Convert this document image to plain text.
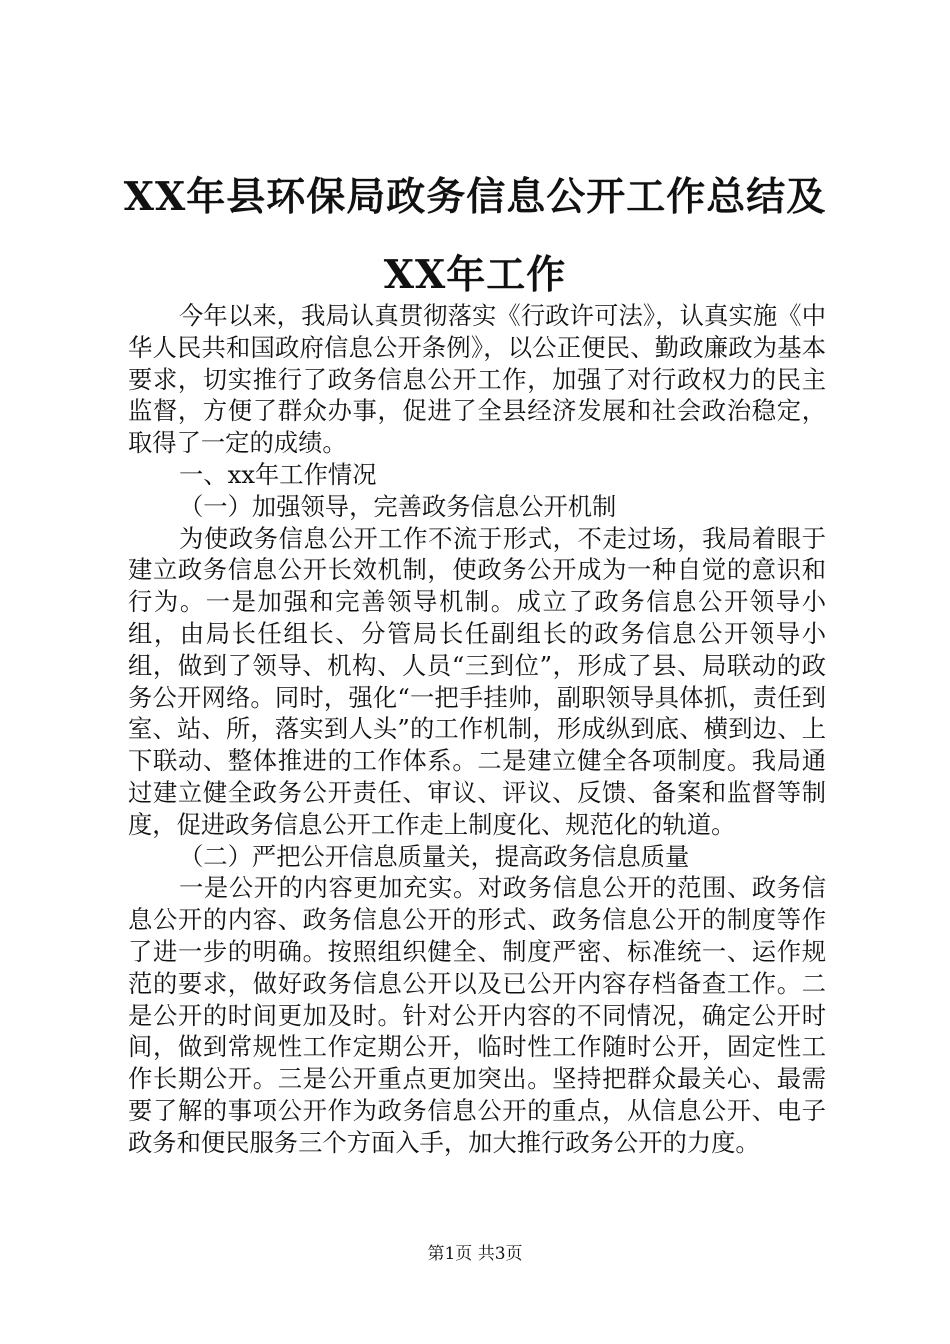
XX年县环保局政务信息公开工作总结及XX年工作

今年以来，我局认真贯彻落实《行政许可法》，认真实施《中华人民共和国政府信息公开条例》，以公正便民、勤政廉政为基本要求，切实推行了政务信息公开工作，加强了对行政权力的民主监督，方便了群众办事，促进了全县经济发展和社会政治稳定，取得了一定的成绩。

一、xx年工作情况

（一）加强领导，完善政务信息公开机制

为使政务信息公开工作不流于形式，不走过场，我局着眼于建立政务信息公开长效机制，使政务公开成为一种自觉的意识和行为。一是加强和完善领导机制。成立了政务信息公开领导小组，由局长任组长、分管局长任副组长的政务信息公开领导小组，做到了领导、机构、人员“三到位”，形成了县、局联动的政务公开网络。同时，强化“一把手挂帅，副职领导具体抓，责任到室、站、所，落实到人头”的工作机制，形成纵到底、横到边、上下联动、整体推进的工作体系。二是建立健全各项制度。我局通过建立健全政务公开责任、审议、评议、反馈、备案和监督等制度，促进政务信息公开工作走上制度化、规范化的轨道。

（二）严把公开信息质量关，提高政务信息质量

一是公开的内容更加充实。对政务信息公开的范围、政务信息公开的内容、政务信息公开的形式、政务信息公开的制度等作了进一步的明确。按照组织健全、制度严密、标准统一、运作规范的要求，做好政务信息公开以及已公开内容存档备查工作。二是公开的时间更加及时。针对公开内容的不同情况，确定公开时间，做到常规性工作定期公开，临时性工作随时公开，固定性工作长期公开。三是公开重点更加突出。坚持把群众最关心、最需要了解的事项公开作为政务信息公开的重点，从信息公开、电子政务和便民服务三个方面入手，加大推行政务公开的力度。

第1页 共3页
